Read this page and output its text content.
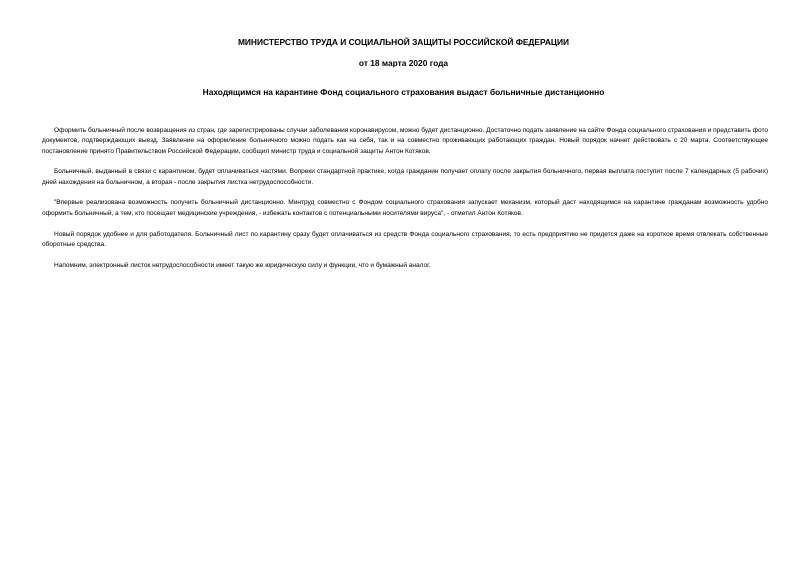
МИНИСТЕРСТВО ТРУДА И СОЦИАЛЬНОЙ ЗАЩИТЫ РОССИЙСКОЙ ФЕДЕРАЦИИ
от 18 марта 2020 года
Находящимся на карантине Фонд социального страхования выдаст больничные дистанционно

Оформить больничный после возвращения из стран, где зарегистрированы случаи заболевания коронавирусом, можно будет дистанционно. Достаточно подать заявление на сайте Фонда социального страхования и представить фото документов, подтверждающих выезд. Заявление на оформление больничного можно подать как на себя, так и на совместно проживающих работающих граждан. Новый порядок начнет действовать с 20 марта. Соответствующее постановление принято Правительством Российской Федерации, сообщил министр труда и социальной защиты Антон Котяков.

Больничный, выданный в связи с карантином, будет оплачиваться частями. Вопреки стандартной практике, когда гражданин получает оплату после закрытия больничного, первая выплата поступит после 7 календарных (5 рабочих) дней нахождения на больничном, а вторая - после закрытия листка нетрудоспособности.

"Впервые реализована возможность получить больничный дистанционно. Минтруд совместно с Фондом социального страхования запускает механизм, который даст находящимся на карантине гражданам возможность удобно оформить больничный, а тем, кто посещает медицинские учреждения, - избежать контактов с потенциальными носителями вируса", - отметил Антон Котяков.

Новый порядок удобнее и для работодателя. Больничный лист по карантину сразу будет оплачиваться из средств Фонда социального страхования, то есть предприятию не придется даже на короткое время отвлекать собственные оборотные средства.

Напомним, электронный листок нетрудоспособности имеет такую же юридическую силу и функции, что и бумажный аналог.
